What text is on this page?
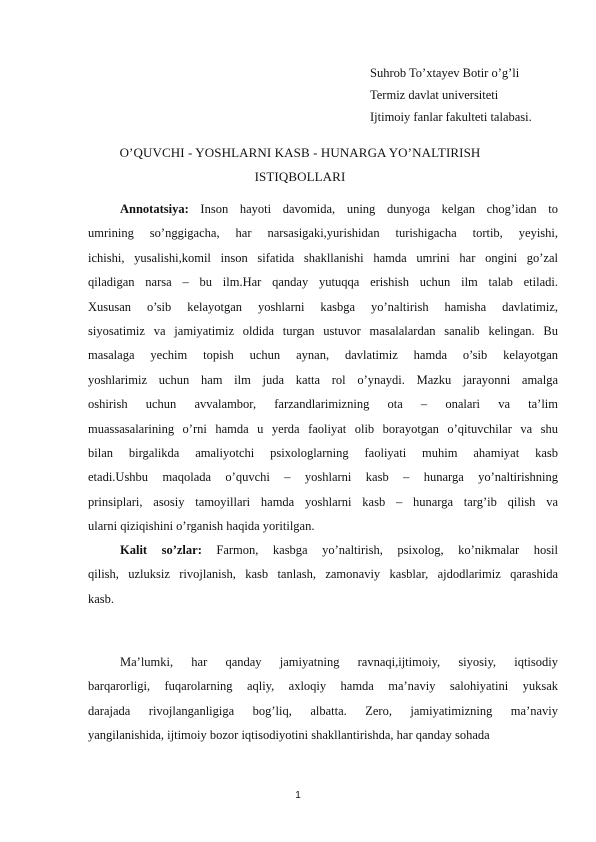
Suhrob To’xtayev Botir o’g’li
Termiz davlat universiteti
Ijtimoiy fanlar fakulteti talabasi.
O’QUVCHI - YOSHLARNI KASB - HUNARGA YO’NALTIRISH
ISTIQBOLLARI
Annotatsiya: Inson hayoti davomida, uning dunyoga kelgan chog’idan to
umrining so’nggigacha, har narsasigaki,yurishidan turishigacha tortib, yeyishi,
ichishi, yusalishi,komil inson sifatida shakllanishi hamda umrini har ongini go’zal
qiladigan narsa – bu ilm.Har qanday yutuqqa erishish uchun ilm talab etiladi.
Xususan o’sib kelayotgan yoshlarni kasbga yo’naltirish hamisha davlatimiz,
siyosatimiz va jamiyatimiz oldida turgan ustuvor masalalardan sanalib kelingan. Bu
masalaga yechim topish uchun aynan, davlatimiz hamda o’sib kelayotgan
yoshlarimiz uchun ham ilm juda katta rol o’ynaydi. Mazku jarayonni amalga
oshirish uchun avvalambor, farzandlarimizning ota – onalari va ta’lim
muassasalarining o’rni hamda u yerda faoliyat olib borayotgan o’qituvchilar va shu
bilan birgalikda amaliyotchi psixologlarning faoliyati muhim ahamiyat kasb
etadi.Ushbu maqolada o’quvchi – yoshlarni kasb – hunarga yo’naltirishning
prinsiplari, asosiy tamoyillari hamda yoshlarni kasb – hunarga targ’ib qilish va
ularni qiziqishini o’rganish haqida yoritilgan.
Kalit so’zlar: Farmon, kasbga yo’naltirish, psixolog, ko’nikmalar hosil
qilish, uzluksiz rivojlanish, kasb tanlash, zamonaviy kasblar, ajdodlarimiz qarashida
kasb.
Ma’lumki, har qanday jamiyatning ravnaqi,ijtimoiy, siyosiy, iqtisodiy
barqarorligi, fuqarolarning aqliy, axloqiy hamda ma’naviy salohiyatini yuksak
darajada rivojlanganligiga bog’liq, albatta. Zero, jamiyatimizning ma’naviy
yangilanishida, ijtimoiy bozor iqtisodiyotini shakllantirishda, har qanday sohada
1
